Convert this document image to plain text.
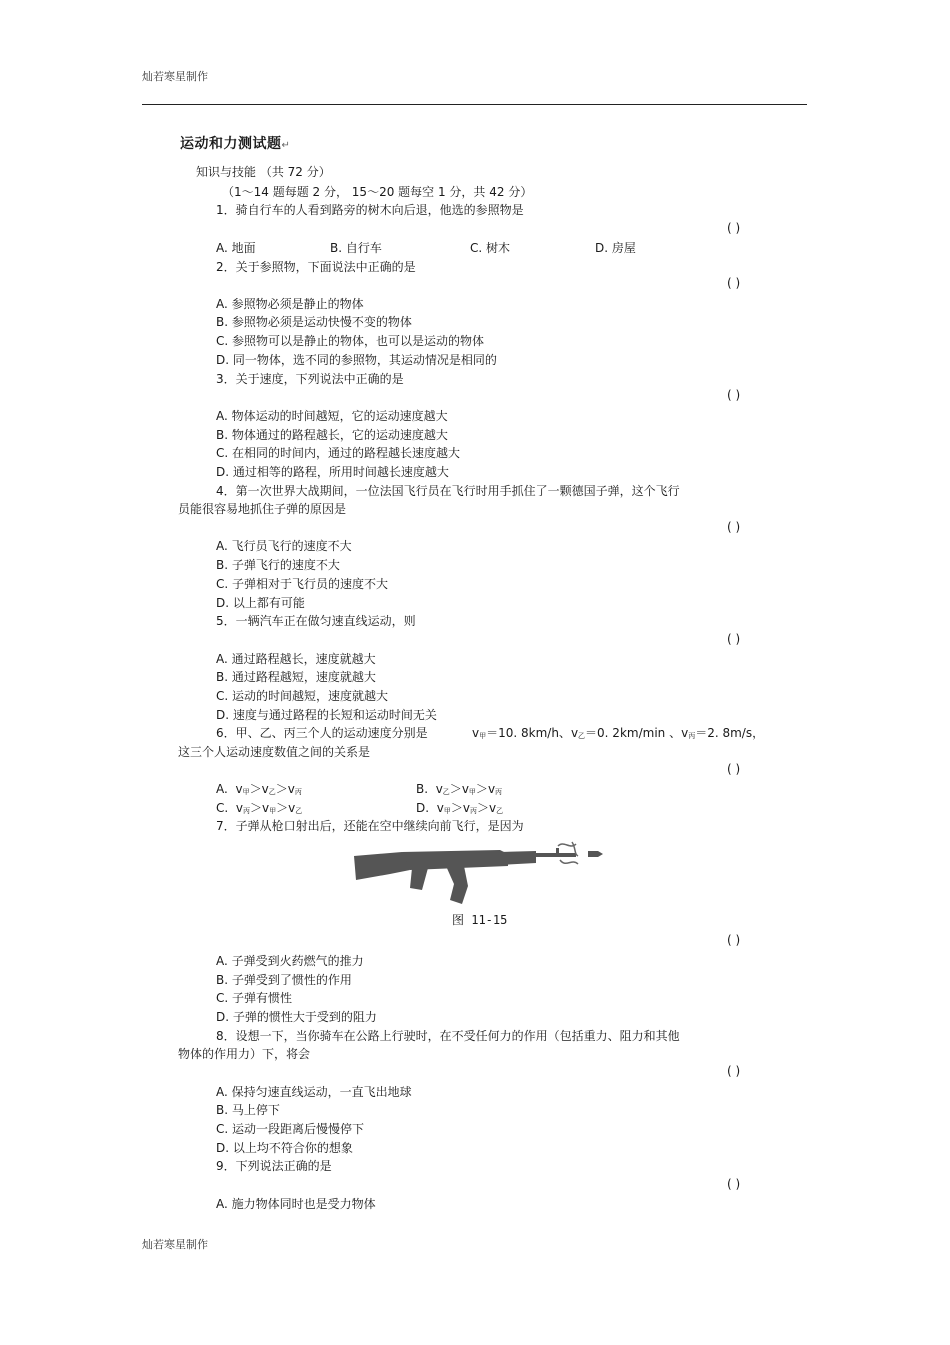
灿若寒星制作
运动和力测试题↵
知识与技能 （共 72 分）
（1～14 题每题 2 分， 15～20 题每空 1 分，共 42 分）
1．骑自行车的人看到路旁的树木向后退，他选的参照物是
( )
A. 地面	B. 自行车	C. 树木	D. 房屋
2．关于参照物，下面说法中正确的是
( )
A. 参照物必须是静止的物体
B. 参照物必须是运动快慢不变的物体
C. 参照物可以是静止的物体，也可以是运动的物体
D. 同一物体，选不同的参照物，其运动情况是相同的
3．关于速度，下列说法中正确的是
( )
A. 物体运动的时间越短，它的运动速度越大
B. 物体通过的路程越长，它的运动速度越大
C. 在相同的时间内，通过的路程越长速度越大
D. 通过相等的路程，所用时间越长速度越大
4．第一次世界大战期间，一位法国飞行员在飞行时用手抓住了一颗德国子弹，这个飞行
员能很容易地抓住子弹的原因是
( )
A. 飞行员飞行的速度不大
B. 子弹飞行的速度不大
C. 子弹相对于飞行员的速度不大
D. 以上都有可能
5．一辆汽车正在做匀速直线运动，则
( )
A. 通过路程越长，速度就越大
B. 通过路程越短，速度就越大
C. 运动的时间越短，速度就越大
D. 速度与通过路程的长短和运动时间无关
6．甲、乙、丙三个人的运动速度分别是	$v_甲=10$. 8km/h、$v_乙=0$. 2km/min 、$v_丙=2$. 8m/s，
这三个人运动速度数值之间的关系是
( )
A. $v_甲>v_乙>v_丙$	B. $v_乙>v_甲>v_丙$
C. $v_丙>v_甲>v_乙$	D. $v_甲>v_丙>v_乙$
7．子弹从枪口射出后，还能在空中继续向前飞行，是因为
图 11-15
( )
A. 子弹受到火药燃气的推力
B. 子弹受到了惯性的作用
C. 子弹有惯性
D. 子弹的惯性大于受到的阻力
8．设想一下，当你骑车在公路上行驶时，在不受任何力的作用（包括重力、阻力和其他
物体的作用力）下，将会
( )
A. 保持匀速直线运动，一直飞出地球
B. 马上停下
C. 运动一段距离后慢慢停下
D. 以上均不符合你的想象
9．下列说法正确的是
( )
A. 施力物体同时也是受力物体
灿若寒星制作
